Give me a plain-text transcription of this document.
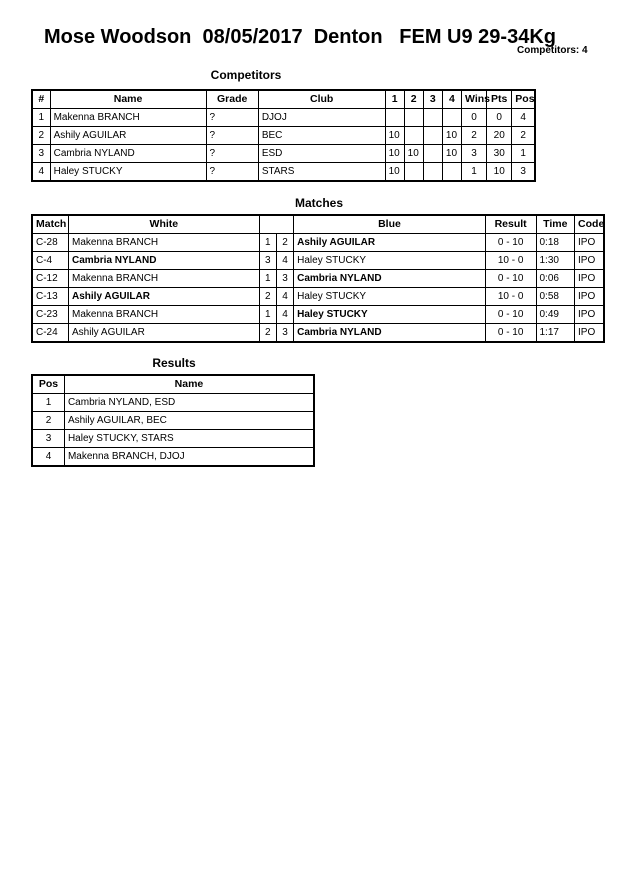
Mose Woodson  08/05/2017  Denton   FEM U9 29-34Kg
Competitors: 4
Competitors
#	Name	Grade	Club	1	2	3	4	Wins	Pts	Pos
1	Makenna BRANCH	?	DJOJ					0	0	4
2	Ashily AGUILAR	?	BEC	10			10	2	20	2
3	Cambria NYLAND	?	ESD	10	10		10	3	30	1
4	Haley STUCKY	?	STARS	10				1	10	3
Matches
Match	White			Blue	Result	Time	Code
C-28	Makenna BRANCH	1	2	Ashily AGUILAR	0 - 10	0:18	IPO
C-4	Cambria NYLAND	3	4	Haley STUCKY	10 - 0	1:30	IPO
C-12	Makenna BRANCH	1	3	Cambria NYLAND	0 - 10	0:06	IPO
C-13	Ashily AGUILAR	2	4	Haley STUCKY	10 - 0	0:58	IPO
C-23	Makenna BRANCH	1	4	Haley STUCKY	0 - 10	0:49	IPO
C-24	Ashily AGUILAR	2	3	Cambria NYLAND	0 - 10	1:17	IPO
Results
Pos	Name
1	Cambria NYLAND, ESD
2	Ashily AGUILAR, BEC
3	Haley STUCKY, STARS
4	Makenna BRANCH, DJOJ
